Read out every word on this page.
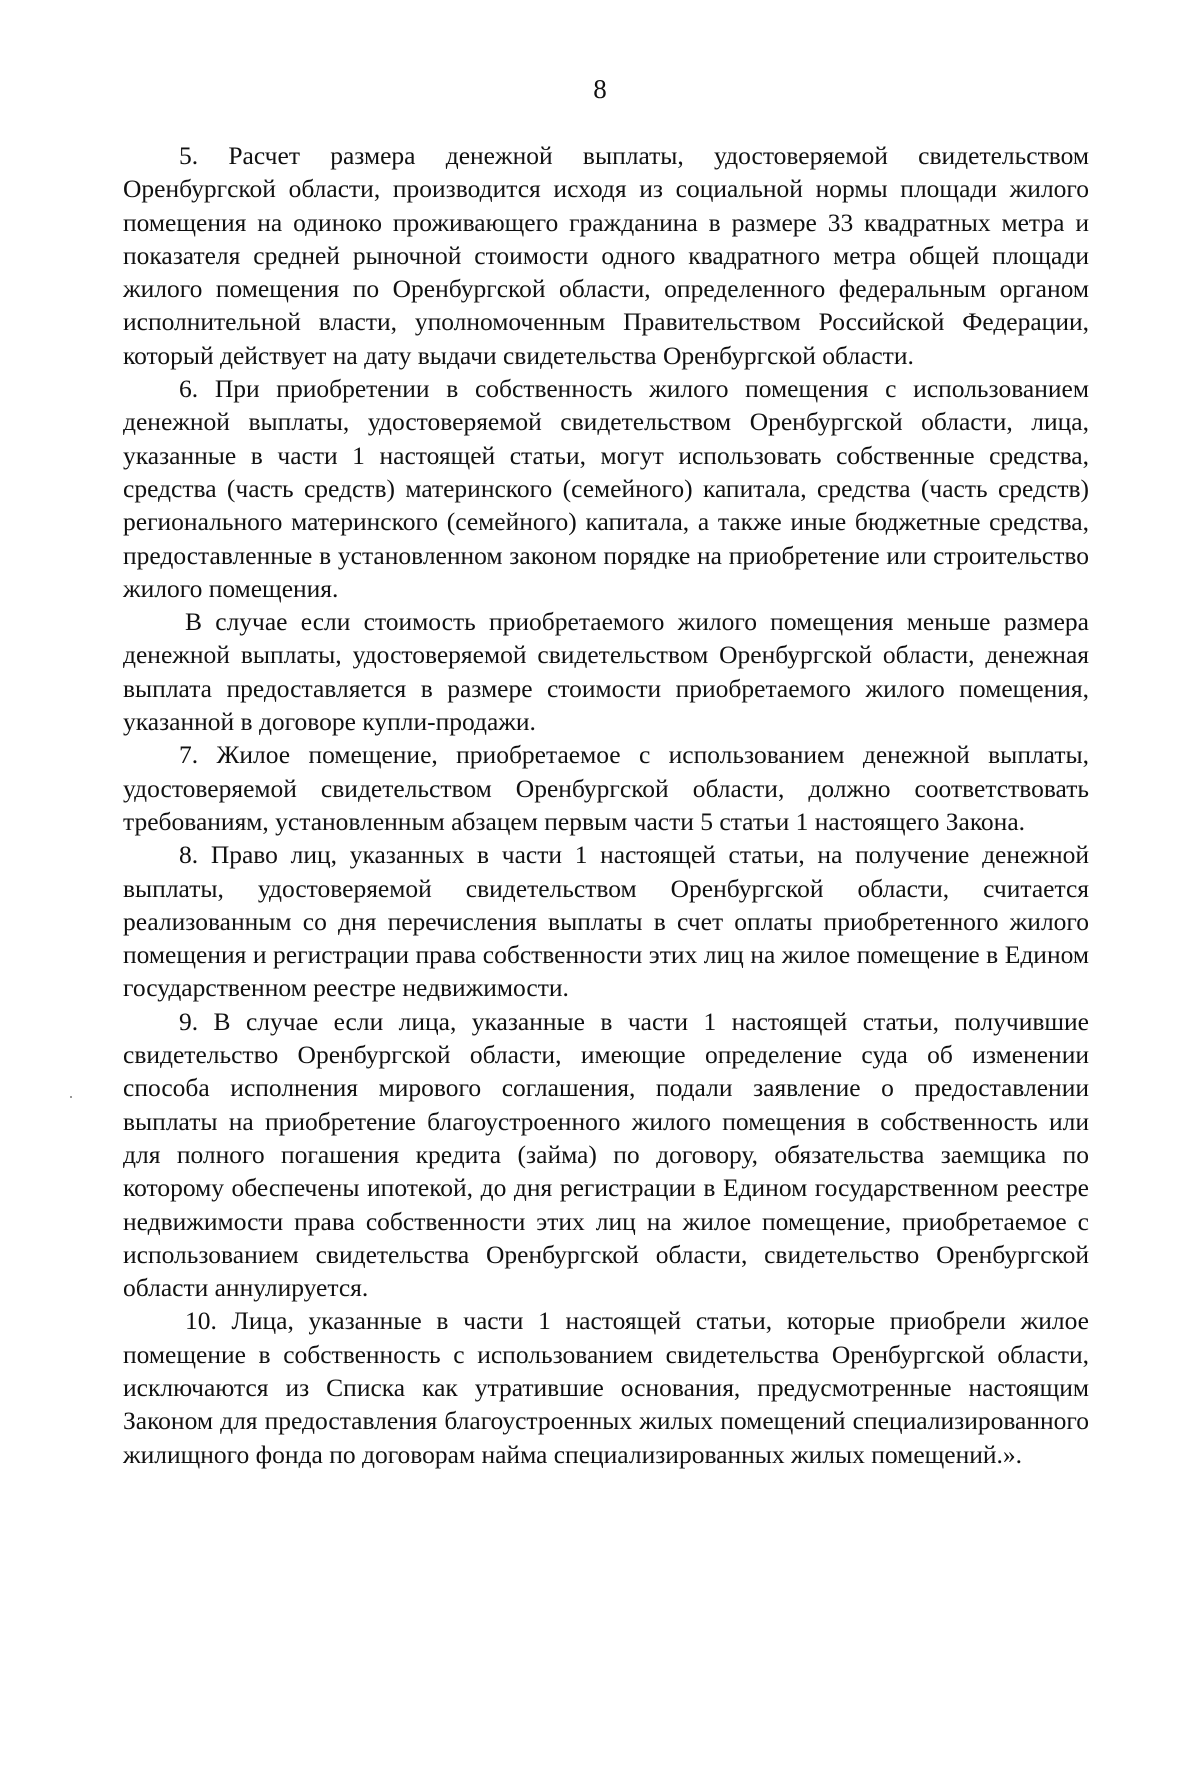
8

5. Расчет размера денежной выплаты, удостоверяемой свидетельством Оренбургской области, производится исходя из социальной нормы площади жилого помещения на одиноко проживающего гражданина в размере 33 квадратных метра и показателя средней рыночной стоимости одного квадратного метра общей площади жилого помещения по Оренбургской области, определенного федеральным органом исполнительной власти, уполномоченным Правительством Российской Федерации, который действует на дату выдачи свидетельства Оренбургской области.

6. При приобретении в собственность жилого помещения с использованием денежной выплаты, удостоверяемой свидетельством Оренбургской области, лица, указанные в части 1 настоящей статьи, могут использовать собственные средства, средства (часть средств) материнского (семейного) капитала, средства (часть средств) регионального материнского (семейного) капитала, а также иные бюджетные средства, предоставленные в установленном законом порядке на приобретение или строительство жилого помещения.

В случае если стоимость приобретаемого жилого помещения меньше размера денежной выплаты, удостоверяемой свидетельством Оренбургской области, денежная выплата предоставляется в размере стоимости приобретаемого жилого помещения, указанной в договоре купли-продажи.

7. Жилое помещение, приобретаемое с использованием денежной выплаты, удостоверяемой свидетельством Оренбургской области, должно соответствовать требованиям, установленным абзацем первым части 5 статьи 1 настоящего Закона.

8. Право лиц, указанных в части 1 настоящей статьи, на получение денежной выплаты, удостоверяемой свидетельством Оренбургской области, считается реализованным со дня перечисления выплаты в счет оплаты приобретенного жилого помещения и регистрации права собственности этих лиц на жилое помещение в Едином государственном реестре недвижимости.

9. В случае если лица, указанные в части 1 настоящей статьи, получившие свидетельство Оренбургской области, имеющие определение суда об изменении способа исполнения мирового соглашения, подали заявление о предоставлении выплаты на приобретение благоустроенного жилого помещения в собственность или для полного погашения кредита (займа) по договору, обязательства заемщика по которому обеспечены ипотекой, до дня регистрации в Едином государственном реестре недвижимости права собственности этих лиц на жилое помещение, приобретаемое с использованием свидетельства Оренбургской области, свидетельство Оренбургской области аннулируется.

10. Лица, указанные в части 1 настоящей статьи, которые приобрели жилое помещение в собственность с использованием свидетельства Оренбургской области, исключаются из Списка как утратившие основания, предусмотренные настоящим Законом для предоставления благоустроенных жилых помещений специализированного жилищного фонда по договорам найма специализированных жилых помещений.».
